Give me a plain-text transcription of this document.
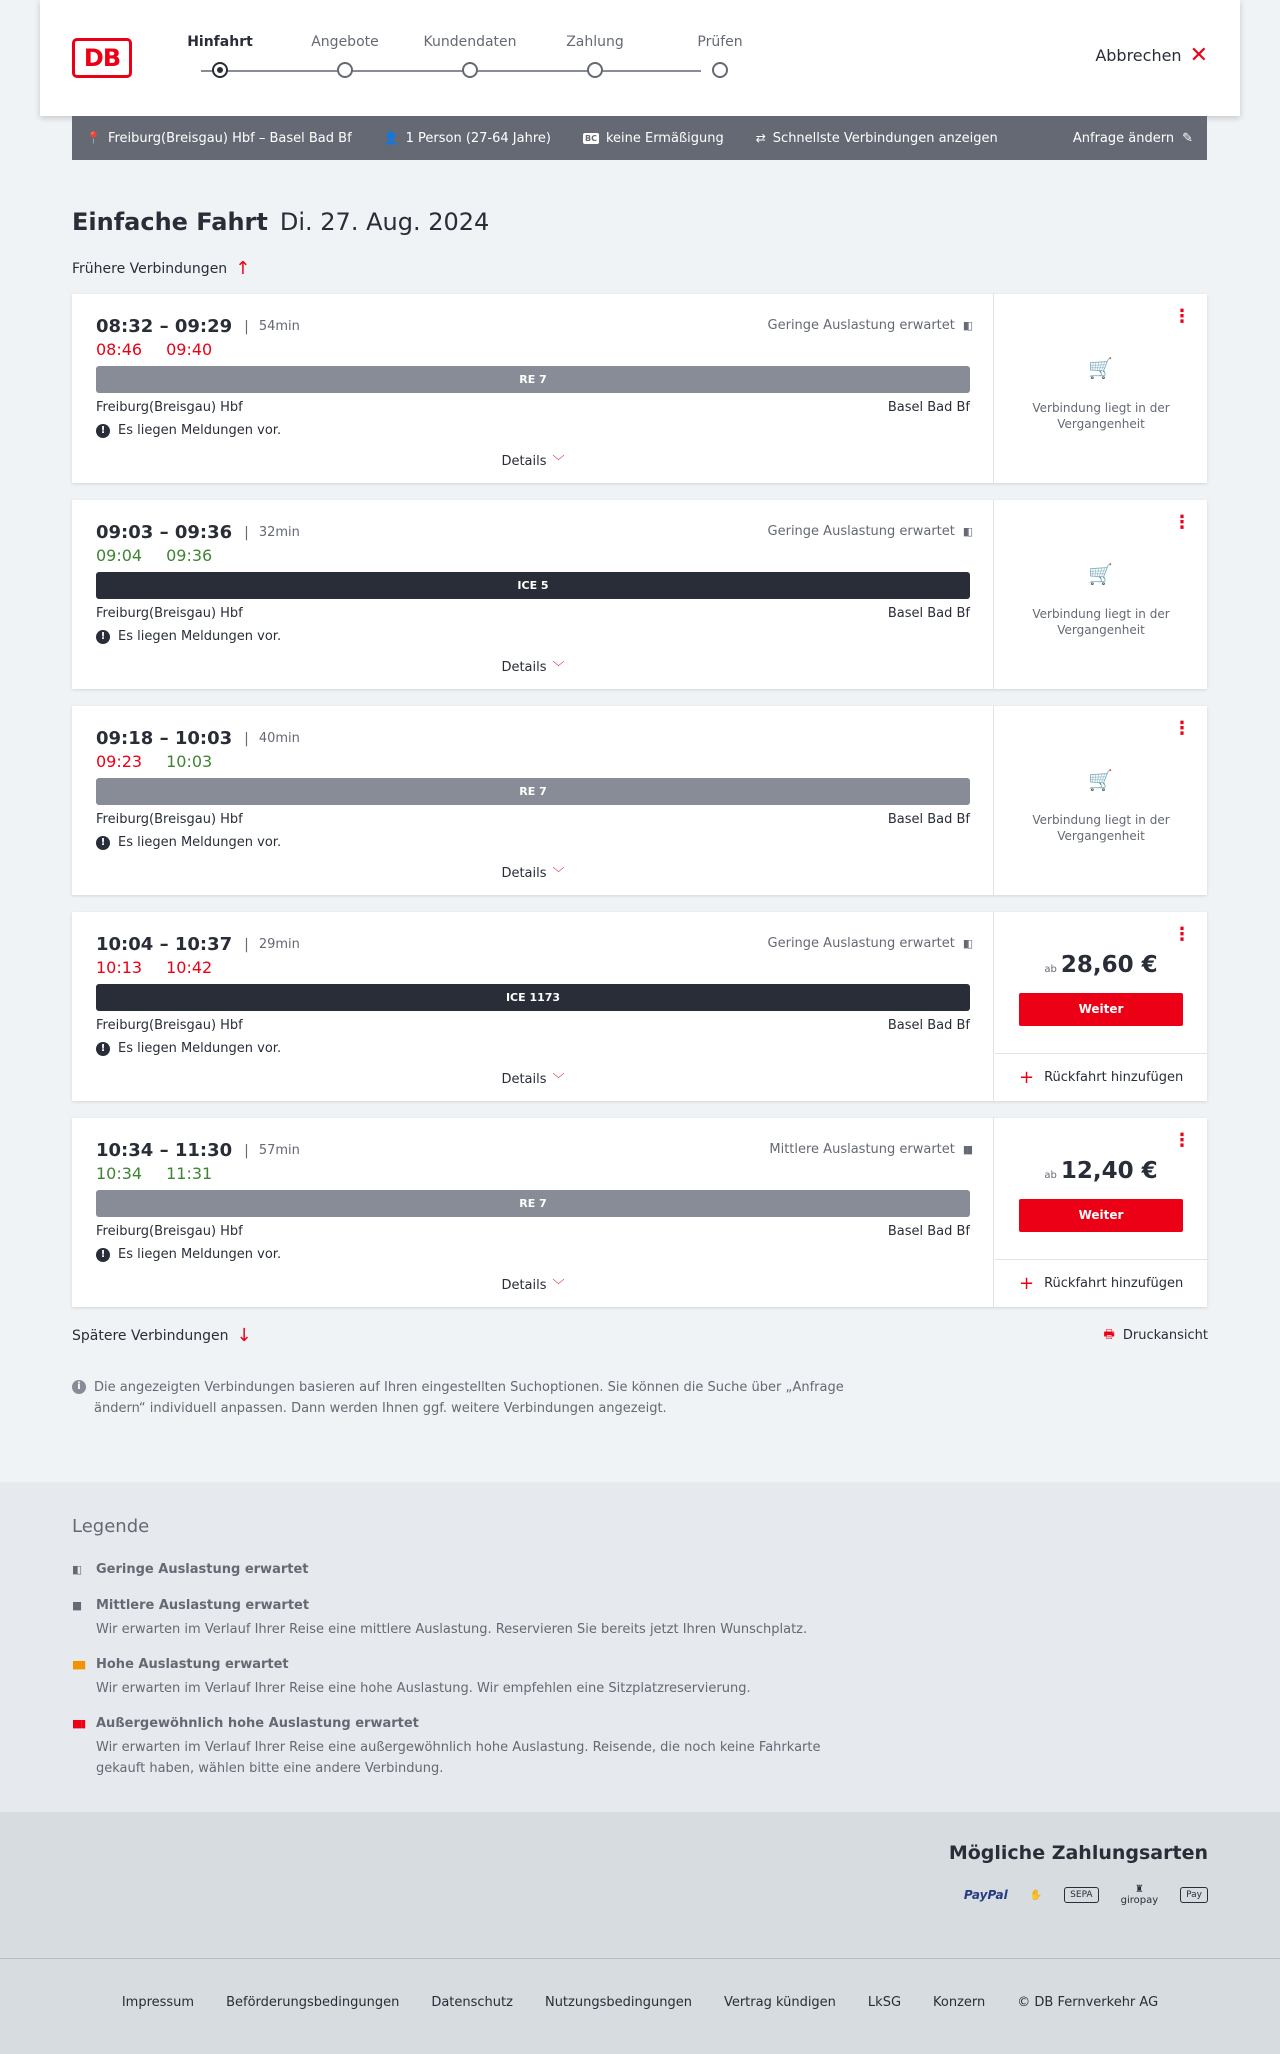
DB
Hinfahrt	Angebote	Kundendaten	Zahlung	Prüfen
Abbrechen ✕
📍 Freiburg(Breisgau) Hbf – Basel Bad Bf	👤 1 Person (27-64 Jahre)	BC keine Ermäßigung	⇄ Schnellste Verbindungen anzeigen	Anfrage ändern ✎
Einfache Fahrt Di. 27. Aug. 2024
Frühere Verbindungen ↑
08:32 – 09:29 | 54min
08:46 09:40
Geringe Auslastung erwartet ▮▯
RE 7
Freiburg(Breisgau) Hbf	Basel Bad Bf
! Es liegen Meldungen vor.
Details ﹀
⋮
🛒
Verbindung liegt in der Vergangenheit
09:03 – 09:36 | 32min
09:04 09:36
Geringe Auslastung erwartet ▮▯
ICE 5
Freiburg(Breisgau) Hbf	Basel Bad Bf
! Es liegen Meldungen vor.
Details ﹀
⋮
🛒
Verbindung liegt in der Vergangenheit
09:18 – 10:03 | 40min
09:23 10:03
RE 7
Freiburg(Breisgau) Hbf	Basel Bad Bf
! Es liegen Meldungen vor.
Details ﹀
⋮
🛒
Verbindung liegt in der Vergangenheit
10:04 – 10:37 | 29min
10:13 10:42
Geringe Auslastung erwartet ▮▯
ICE 1173
Freiburg(Breisgau) Hbf	Basel Bad Bf
! Es liegen Meldungen vor.
Details ﹀
⋮
ab 28,60 €
Weiter
+ Rückfahrt hinzufügen
10:34 – 11:30 | 57min
10:34 11:31
Mittlere Auslastung erwartet ▮▮
RE 7
Freiburg(Breisgau) Hbf	Basel Bad Bf
! Es liegen Meldungen vor.
Details ﹀
⋮
ab 12,40 €
Weiter
+ Rückfahrt hinzufügen
Spätere Verbindungen ↓	🖶 Druckansicht
i	Die angezeigten Verbindungen basieren auf Ihren eingestellten Suchoptionen. Sie können die Suche über „Anfrage ändern“ individuell anpassen. Dann werden Ihnen ggf. weitere Verbindungen angezeigt.
Legende
▮▯	Geringe Auslastung erwartet
▮▮	Mittlere Auslastung erwartet
Wir erwarten im Verlauf Ihrer Reise eine mittlere Auslastung. Reservieren Sie bereits jetzt Ihren Wunschplatz.
▮▮▮ Hohe Auslastung erwartet
Wir erwarten im Verlauf Ihrer Reise eine hohe Auslastung. Wir empfehlen eine Sitzplatzreservierung.
▮▮▮ Außergewöhnlich hohe Auslastung erwartet
Wir erwarten im Verlauf Ihrer Reise eine außergewöhnlich hohe Auslastung. Reisende, die noch keine Fahrkarte gekauft haben, wählen bitte eine andere Verbindung.
Mögliche Zahlungsarten
PayPal ✋	SEPA	♜
giropay	Pay
Impressum Beförderungsbedingungen Datenschutz Nutzungsbedingungen Vertrag kündigen LkSG Konzern © DB Fernverkehr AG
